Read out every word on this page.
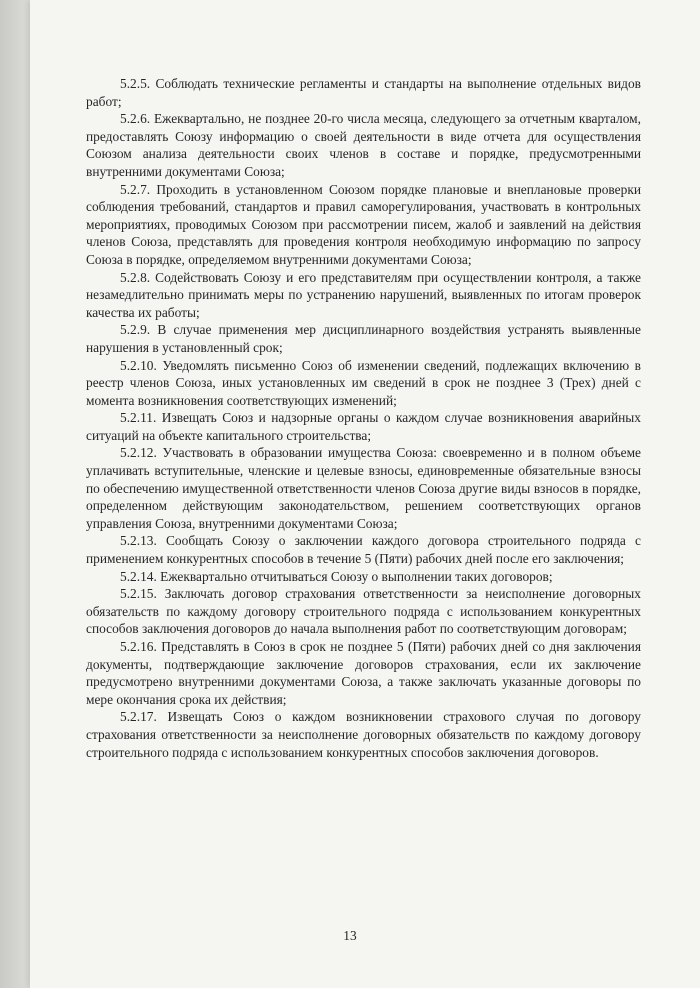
5.2.5. Соблюдать технические регламенты и стандарты на выполнение отдельных видов работ;

5.2.6. Ежеквартально, не позднее 20-го числа месяца, следующего за отчетным кварталом, предоставлять Союзу информацию о своей деятельности в виде отчета для осуществления Союзом анализа деятельности своих членов в составе и порядке, предусмотренными внутренними документами Союза;

5.2.7. Проходить в установленном Союзом порядке плановые и внеплановые проверки соблюдения требований, стандартов и правил саморегулирования, участвовать в контрольных мероприятиях, проводимых Союзом при рассмотрении писем, жалоб и заявлений на действия членов Союза, представлять для проведения контроля необходимую информацию по запросу Союза в порядке, определяемом внутренними документами Союза;

5.2.8. Содействовать Союзу и его представителям при осуществлении контроля, а также незамедлительно принимать меры по устранению нарушений, выявленных по итогам проверок качества их работы;

5.2.9. В случае применения мер дисциплинарного воздействия устранять выявленные нарушения в установленный срок;

5.2.10. Уведомлять письменно Союз об изменении сведений, подлежащих включению в реестр членов Союза, иных установленных им сведений в срок не позднее 3 (Трех) дней с момента возникновения соответствующих изменений;

5.2.11. Извещать Союз и надзорные органы о каждом случае возникновения аварийных ситуаций на объекте капитального строительства;

5.2.12. Участвовать в образовании имущества Союза: своевременно и в полном объеме уплачивать вступительные, членские и целевые взносы, единовременные обязательные взносы по обеспечению имущественной ответственности членов Союза другие виды взносов в порядке, определенном действующим законодательством, решением соответствующих органов управления Союза, внутренними документами Союза;

5.2.13. Сообщать Союзу о заключении каждого договора строительного подряда с применением конкурентных способов в течение 5 (Пяти) рабочих дней после его заключения;

5.2.14. Ежеквартально отчитываться Союзу о выполнении таких договоров;

5.2.15. Заключать договор страхования ответственности за неисполнение договорных обязательств по каждому договору строительного подряда с использованием конкурентных способов заключения договоров до начала выполнения работ по соответствующим договорам;

5.2.16. Представлять в Союз в срок не позднее 5 (Пяти) рабочих дней со дня заключения документы, подтверждающие заключение договоров страхования, если их заключение предусмотрено внутренними документами Союза, а также заключать указанные договоры по мере окончания срока их действия;

5.2.17. Извещать Союз о каждом возникновении страхового случая по договору страхования ответственности за неисполнение договорных обязательств по каждому договору строительного подряда с использованием конкурентных способов заключения договоров.

13
